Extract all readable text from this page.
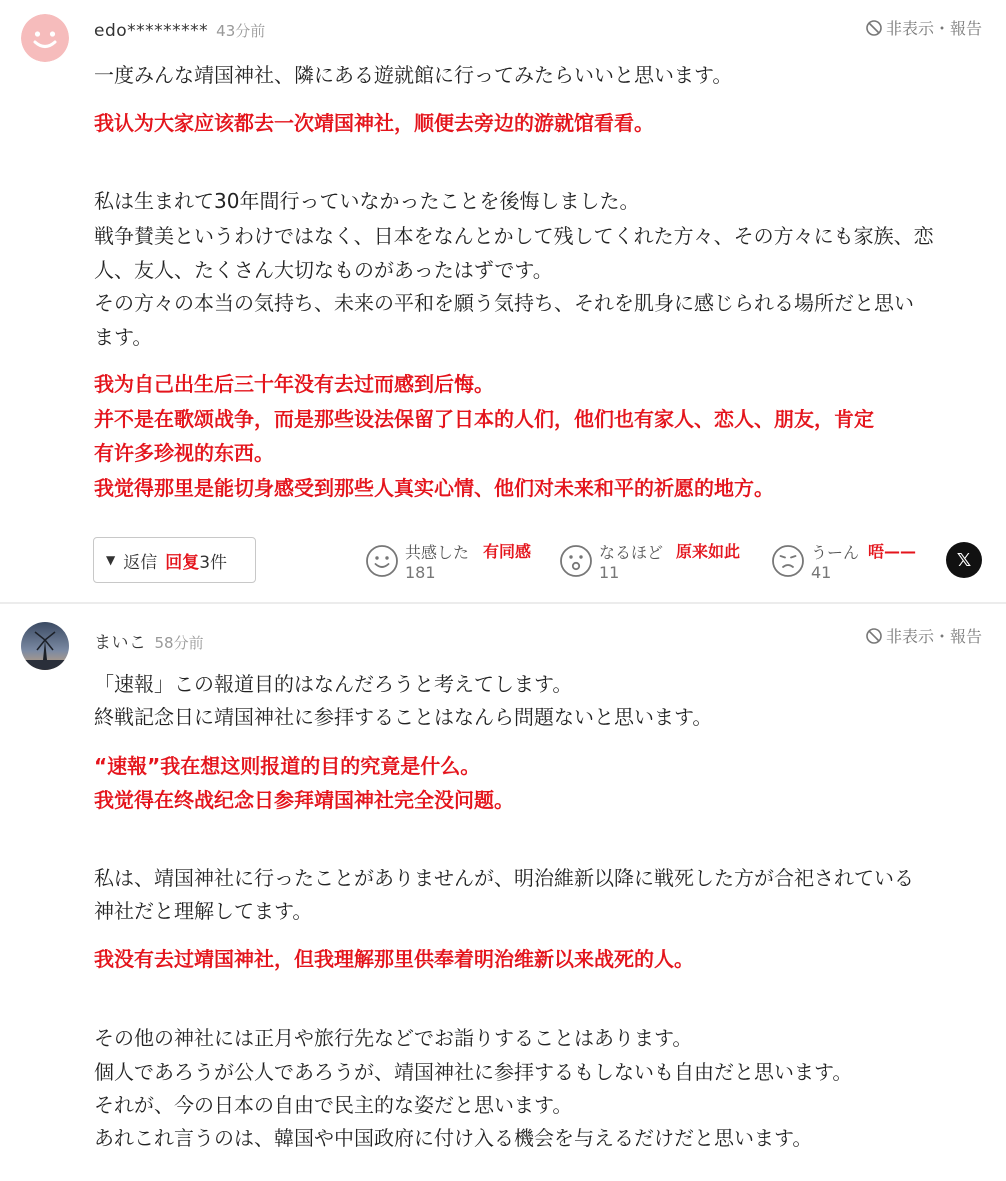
edo********* 43分前	非表示・報告
一度みんな靖国神社、隣にある遊就館に行ってみたらいいと思います。
我认为大家应该都去一次靖国神社，顺便去旁边的游就馆看看。
私は生まれて30年間行っていなかったことを後悔しました。
戦争賛美というわけではなく、日本をなんとかして残してくれた方々、その方々にも家族、恋
人、友人、たくさん大切なものがあったはずです。
その方々の本当の気持ち、未来の平和を願う気持ち、それを肌身に感じられる場所だと思い
ます。
我为自己出生后三十年没有去过而感到后悔。
并不是在歌颂战争，而是那些设法保留了日本的人们，他们也有家人、恋人、朋友，肯定
有许多珍视的东西。
我觉得那里是能切身感受到那些人真实心情、他们对未来和平的祈愿的地方。
▼ 返信 回复 3件	共感した 有同感
181
なるほど 原来如此
11
うーん 唔——
41
𝕏
まいこ 58分前	非表示・報告
「速報」この報道目的はなんだろうと考えてします。
終戦記念日に靖国神社に参拝することはなんら問題ないと思います。
“速報”我在想这则报道的目的究竟是什么。
我觉得在终战纪念日参拜靖国神社完全没问题。
私は、靖国神社に行ったことがありませんが、明治維新以降に戦死した方が合祀されている
神社だと理解してます。
我没有去过靖国神社，但我理解那里供奉着明治维新以来战死的人。
その他の神社には正月や旅行先などでお詣りすることはあります。
個人であろうが公人であろうが、靖国神社に参拝するもしないも自由だと思います。
それが、今の日本の自由で民主的な姿だと思います。
あれこれ言うのは、韓国や中国政府に付け入る機会を与えるだけだと思います。
